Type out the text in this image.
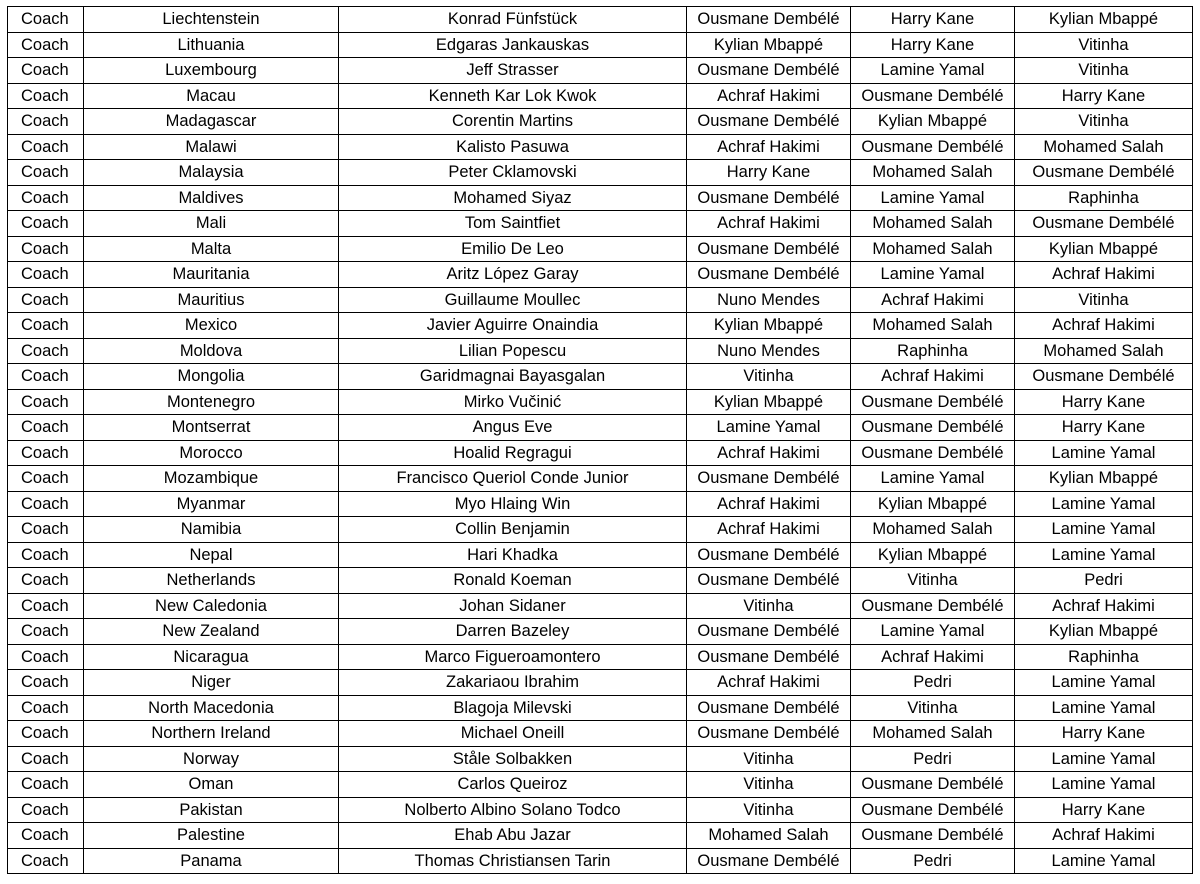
Coach	Liechtenstein	Konrad Fünfstück	Ousmane Dembélé	Harry Kane	Kylian Mbappé
Coach	Lithuania	Edgaras Jankauskas	Kylian Mbappé	Harry Kane	Vitinha
Coach	Luxembourg	Jeff Strasser	Ousmane Dembélé	Lamine Yamal	Vitinha
Coach	Macau	Kenneth Kar Lok Kwok	Achraf Hakimi	Ousmane Dembélé	Harry Kane
Coach	Madagascar	Corentin Martins	Ousmane Dembélé	Kylian Mbappé	Vitinha
Coach	Malawi	Kalisto Pasuwa	Achraf Hakimi	Ousmane Dembélé	Mohamed Salah
Coach	Malaysia	Peter Cklamovski	Harry Kane	Mohamed Salah	Ousmane Dembélé
Coach	Maldives	Mohamed Siyaz	Ousmane Dembélé	Lamine Yamal	Raphinha
Coach	Mali	Tom Saintfiet	Achraf Hakimi	Mohamed Salah	Ousmane Dembélé
Coach	Malta	Emilio De Leo	Ousmane Dembélé	Mohamed Salah	Kylian Mbappé
Coach	Mauritania	Aritz López Garay	Ousmane Dembélé	Lamine Yamal	Achraf Hakimi
Coach	Mauritius	Guillaume Moullec	Nuno Mendes	Achraf Hakimi	Vitinha
Coach	Mexico	Javier Aguirre Onaindia	Kylian Mbappé	Mohamed Salah	Achraf Hakimi
Coach	Moldova	Lilian Popescu	Nuno Mendes	Raphinha	Mohamed Salah
Coach	Mongolia	Garidmagnai Bayasgalan	Vitinha	Achraf Hakimi	Ousmane Dembélé
Coach	Montenegro	Mirko Vučinić	Kylian Mbappé	Ousmane Dembélé	Harry Kane
Coach	Montserrat	Angus Eve	Lamine Yamal	Ousmane Dembélé	Harry Kane
Coach	Morocco	Hoalid Regragui	Achraf Hakimi	Ousmane Dembélé	Lamine Yamal
Coach	Mozambique	Francisco Queriol Conde Junior	Ousmane Dembélé	Lamine Yamal	Kylian Mbappé
Coach	Myanmar	Myo Hlaing Win	Achraf Hakimi	Kylian Mbappé	Lamine Yamal
Coach	Namibia	Collin Benjamin	Achraf Hakimi	Mohamed Salah	Lamine Yamal
Coach	Nepal	Hari Khadka	Ousmane Dembélé	Kylian Mbappé	Lamine Yamal
Coach	Netherlands	Ronald Koeman	Ousmane Dembélé	Vitinha	Pedri
Coach	New Caledonia	Johan Sidaner	Vitinha	Ousmane Dembélé	Achraf Hakimi
Coach	New Zealand	Darren Bazeley	Ousmane Dembélé	Lamine Yamal	Kylian Mbappé
Coach	Nicaragua	Marco Figueroamontero	Ousmane Dembélé	Achraf Hakimi	Raphinha
Coach	Niger	Zakariaou Ibrahim	Achraf Hakimi	Pedri	Lamine Yamal
Coach	North Macedonia	Blagoja Milevski	Ousmane Dembélé	Vitinha	Lamine Yamal
Coach	Northern Ireland	Michael Oneill	Ousmane Dembélé	Mohamed Salah	Harry Kane
Coach	Norway	Ståle Solbakken	Vitinha	Pedri	Lamine Yamal
Coach	Oman	Carlos Queiroz	Vitinha	Ousmane Dembélé	Lamine Yamal
Coach	Pakistan	Nolberto Albino Solano Todco	Vitinha	Ousmane Dembélé	Harry Kane
Coach	Palestine	Ehab Abu Jazar	Mohamed Salah	Ousmane Dembélé	Achraf Hakimi
Coach	Panama	Thomas Christiansen Tarin	Ousmane Dembélé	Pedri	Lamine Yamal
